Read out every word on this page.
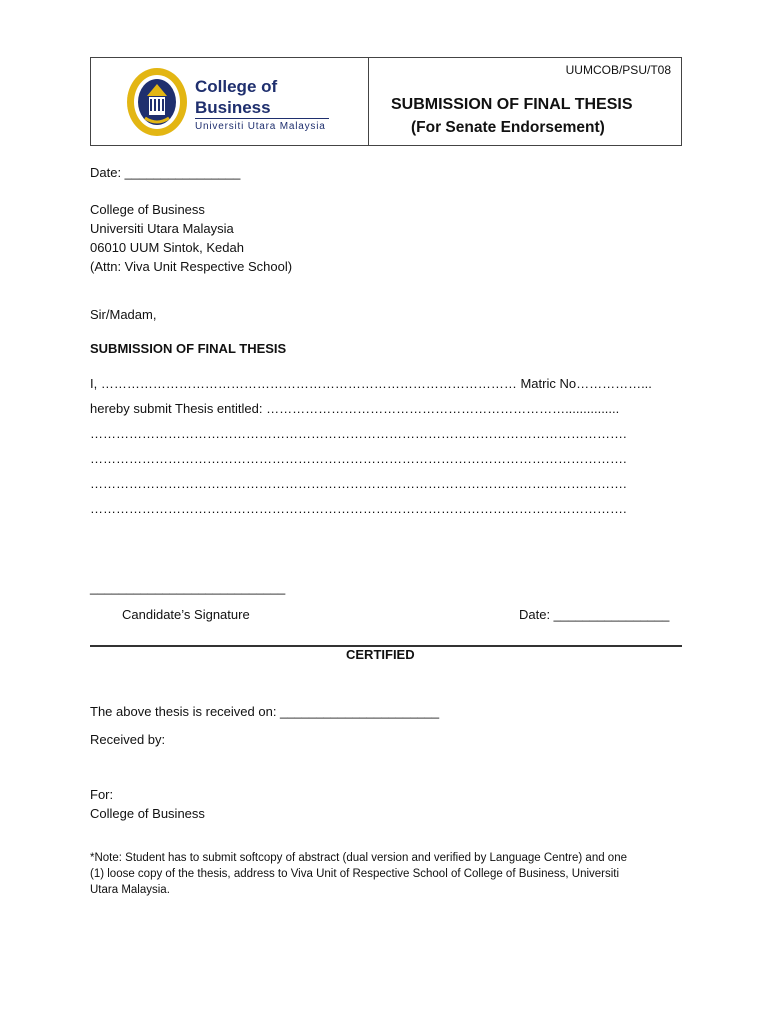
College of
Business
Universiti Utara Malaysia
UUMCOB/PSU/T08
SUBMISSION OF FINAL THESIS
(For Senate Endorsement)
Date: ________________
College of Business
Universiti Utara Malaysia
06010 UUM Sintok, Kedah
(Attn: Viva Unit Respective School)
Sir/Madam,
SUBMISSION OF FINAL THESIS
I, …………………………………………………………………………………… Matric No……………...
hereby submit Thesis entitled: ……………………………………………………………...............
…………………………………………………………………………………………………………….
…………………………………………………………………………………………………………….
…………………………………………………………………………………………………………….
…………………………………………………………………………………………………………….
___________________________
Candidate’s Signature	Date: ________________
CERTIFIED
The above thesis is received on: ______________________
Received by:
For:
College of Business
*Note: Student has to submit softcopy of abstract (dual version and verified by Language Centre) and one
(1) loose copy of the thesis, address to Viva Unit of Respective School of College of Business, Universiti
Utara Malaysia.
